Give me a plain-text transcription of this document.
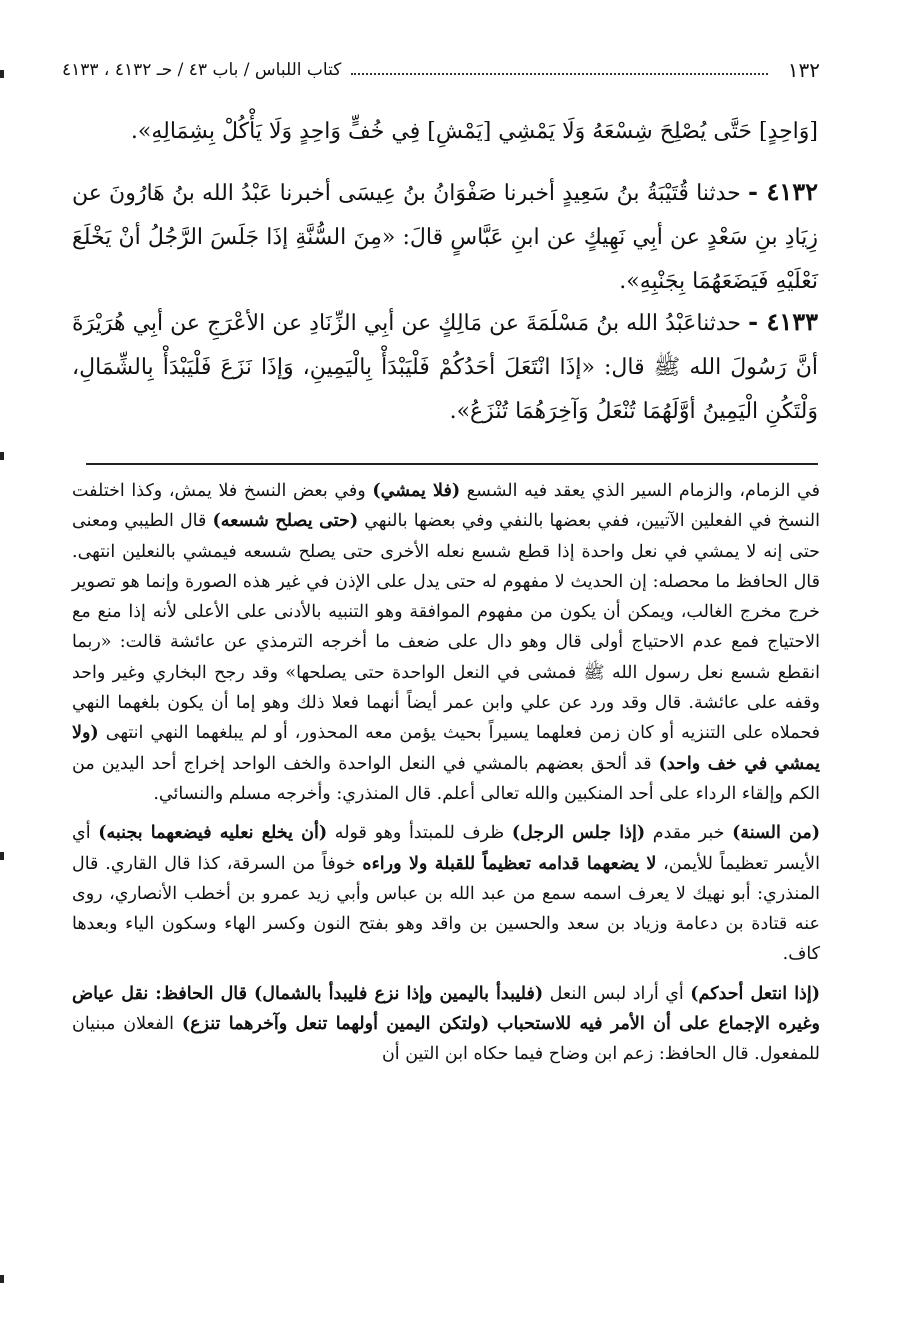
١٣٢
كتاب اللباس / باب ٤٣ / حـ ٤١٣٢ ، ٤١٣٣
[وَاحِدٍ] حَتَّى يُصْلِحَ شِسْعَهُ وَلَا يَمْشِي [يَمْشِ] فِي خُفٍّ وَاحِدٍ وَلَا يَأْكُلْ بِشِمَالِهِ».
٤١٣٢ - حدثنا قُتَيْبَةُ بنُ سَعِيدٍ أخبرنا صَفْوَانُ بنُ عِيسَى أخبرنا عَبْدُ الله بنُ هَارُونَ عن زِيَادِ بنِ سَعْدٍ عن أبِي نَهِيكٍ عن ابنِ عَبَّاسٍ قالَ: «مِنَ السُّنَّةِ إذَا جَلَسَ الرَّجُلُ أنْ يَخْلَعَ نَعْلَيْهِ فَيَضَعَهُمَا بِجَنْبِهِ».
٤١٣٣ - حدثناعَبْدُ الله بنُ مَسْلَمَةَ عن مَالِكٍ عن أبِي الزِّنَادِ عن الأعْرَجِ عن أبِي هُرَيْرَةَ أنَّ رَسُولَ الله ﷺ قال: «إذَا انْتَعَلَ أحَدُكُمْ فَلْيَبْدَأْ بِالْيَمِينِ، وَإذَا نَزَعَ فَلْيَبْدَأْ بِالشِّمَالِ، وَلْتَكُنِ الْيَمِينُ أوَّلَهُمَا تُنْعَلُ وَآخِرَهُمَا تُنْزَعُ».

في الزمام، والزمام السير الذي يعقد فيه الشسع (فلا يمشي) وفي بعض النسخ فلا يمش، وكذا اختلفت النسخ في الفعلين الآتيين، ففي بعضها بالنفي وفي بعضها بالنهي (حتى يصلح شسعه) قال الطيبي ومعنى حتى إنه لا يمشي في نعل واحدة إذا قطع شسع نعله الأخرى حتى يصلح شسعه فيمشي بالنعلين انتهى. قال الحافظ ما محصله: إن الحديث لا مفهوم له حتى يدل على الإذن في غير هذه الصورة وإنما هو تصوير خرج مخرج الغالب، ويمكن أن يكون من مفهوم الموافقة وهو التنبيه بالأدنى على الأعلى لأنه إذا منع مع الاحتياج فمع عدم الاحتياج أولى قال وهو دال على ضعف ما أخرجه الترمذي عن عائشة قالت: «ربما انقطع شسع نعل رسول الله ﷺ فمشى في النعل الواحدة حتى يصلحها» وقد رجح البخاري وغير واحد وقفه على عائشة. قال وقد ورد عن علي وابن عمر أيضاً أنهما فعلا ذلك وهو إما أن يكون بلغهما النهي فحملاه على التنزيه أو كان زمن فعلهما يسيراً بحيث يؤمن معه المحذور، أو لم يبلغهما النهي انتهى (ولا يمشي في خف واحد) قد ألحق بعضهم بالمشي في النعل الواحدة والخف الواحد إخراج أحد اليدين من الكم وإلقاء الرداء على أحد المنكبين والله تعالى أعلم. قال المنذري: وأخرجه مسلم والنسائي.

(من السنة) خبر مقدم (إذا جلس الرجل) ظرف للمبتدأ وهو قوله (أن يخلع نعليه فيضعهما بجنبه) أي الأيسر تعظيماً للأيمن، لا يضعهما قدامه تعظيماً للقبلة ولا وراءه خوفاً من السرقة، كذا قال القاري. قال المنذري: أبو نهيك لا يعرف اسمه سمع من عبد الله بن عباس وأبي زيد عمرو بن أخطب الأنصاري، روى عنه قتادة بن دعامة وزياد بن سعد والحسين بن واقد وهو بفتح النون وكسر الهاء وسكون الياء وبعدها كاف.

(إذا انتعل أحدكم) أي أراد لبس النعل (فليبدأ باليمين وإذا نزع فليبدأ بالشمال) قال الحافظ: نقل عياض وغيره الإجماع على أن الأمر فيه للاستحباب (ولتكن اليمين أولهما تنعل وآخرهما تنزع) الفعلان مبنيان للمفعول. قال الحافظ: زعم ابن وضاح فيما حكاه ابن التين أن
